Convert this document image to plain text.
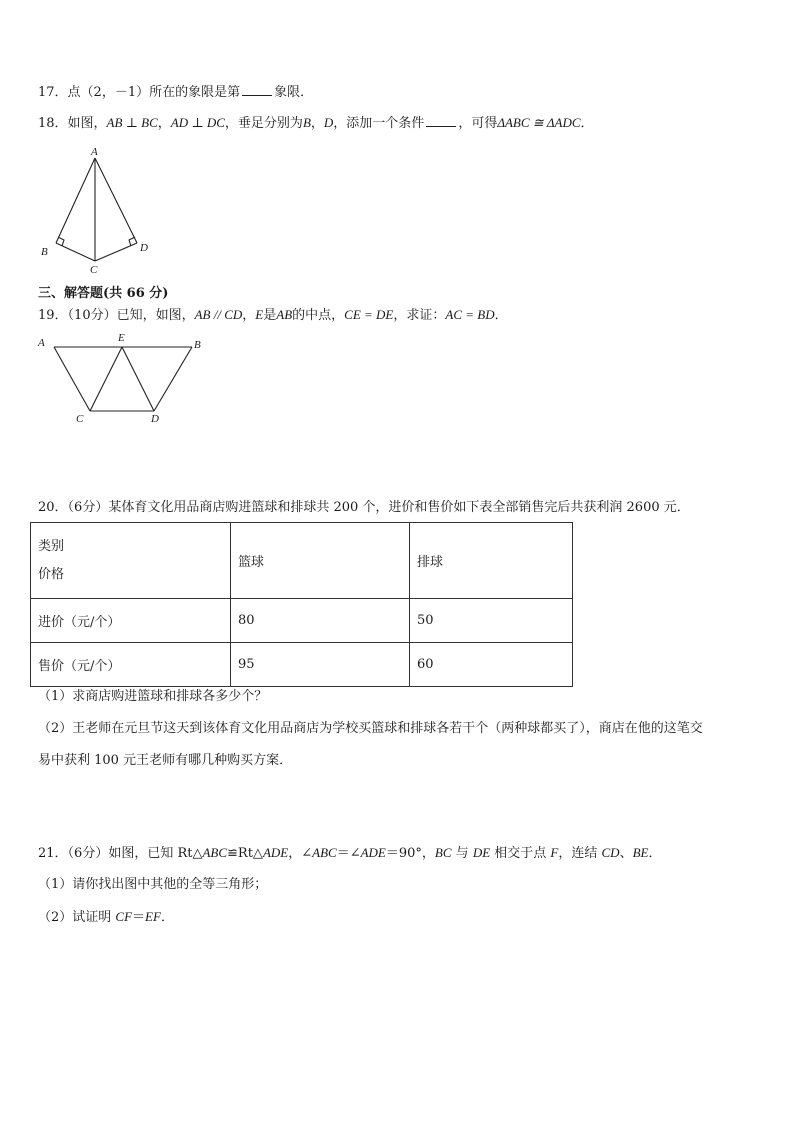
17．点（2，－1）所在的象限是第	象限．
18．如图，AB ⊥ BC，AD ⊥ DC，垂足分别为B，D，添加一个条件	，可得ΔABC ≅ ΔADC．
A
B
C
D
三、解答题(共 66 分)
19．（10分）已知，如图，AB // CD，E是AB的中点，CE = DE，求证：AC = BD．
A	E
B
C	D
20．（6分）某体育文化用品商店购进篮球和排球共 200 个，进价和售价如下表全部销售完后共获利润 2600 元．
类别
价格	篮球	排球
进价（元/个）	80	50
售价（元/个）	95	60
（1）求商店购进篮球和排球各多少个？
（2）王老师在元旦节这天到该体育文化用品商店为学校买篮球和排球各若干个（两种球都买了），商店在他的这笔交
易中获利 100 元王老师有哪几种购买方案．
21．（6分）如图，已知 Rt△ABC≌Rt△ADE，∠ABC＝∠ADE＝90°，BC 与 DE 相交于点 F，连结 CD、BE．
（1）请你找出图中其他的全等三角形；
（2）试证明 CF＝EF．
